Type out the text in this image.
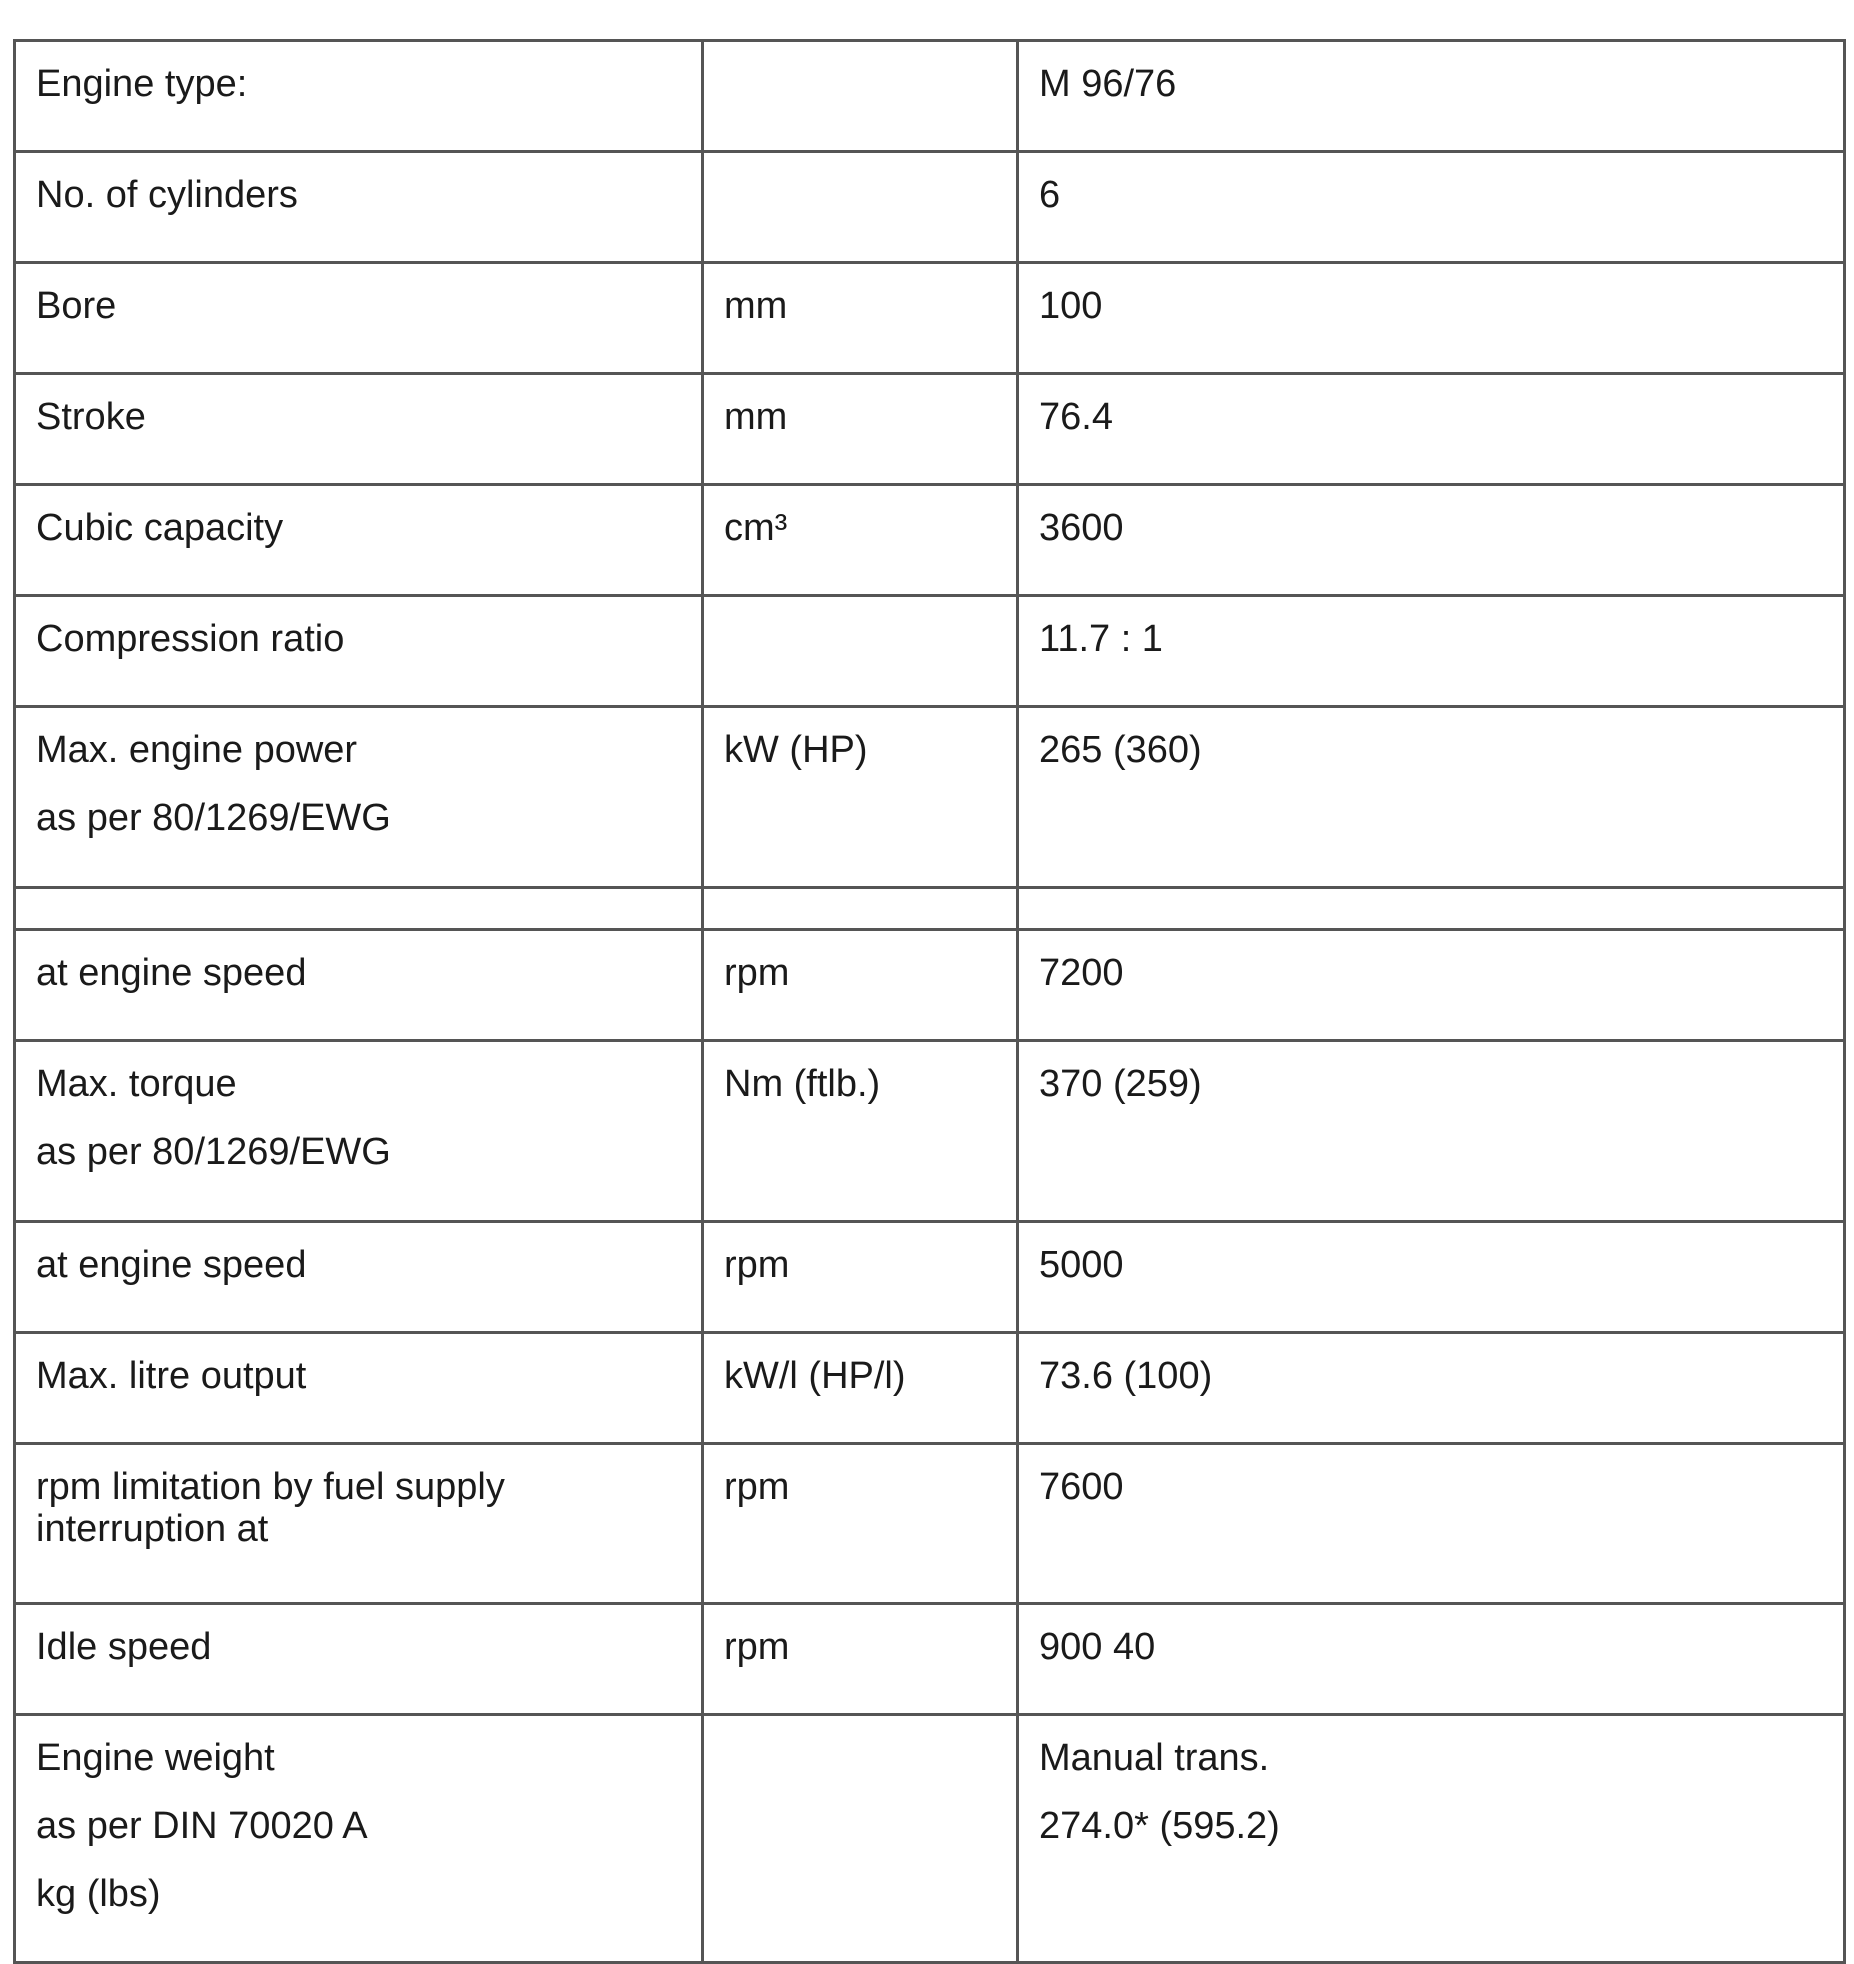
Engine type:		M 96/76

No. of cylinders		6

Bore	mm	100

Stroke	mm	76.4

Cubic capacity	cm³	3600

Compression ratio		11.7 : 1

Max. engine power
as per 80/1269/EWG	kW (HP)	265 (360)

at engine speed	rpm	7200

Max. torque
as per 80/1269/EWG	Nm (ftlb.)	370 (259)

at engine speed	rpm	5000

Max. litre output	kW/l (HP/l)	73.6 (100)

rpm limitation by fuel supply
interruption at	rpm	7600

Idle speed	rpm	900 40

Engine weight
as per DIN 70020 A
kg (lbs)		Manual trans.
274.0* (595.2)
